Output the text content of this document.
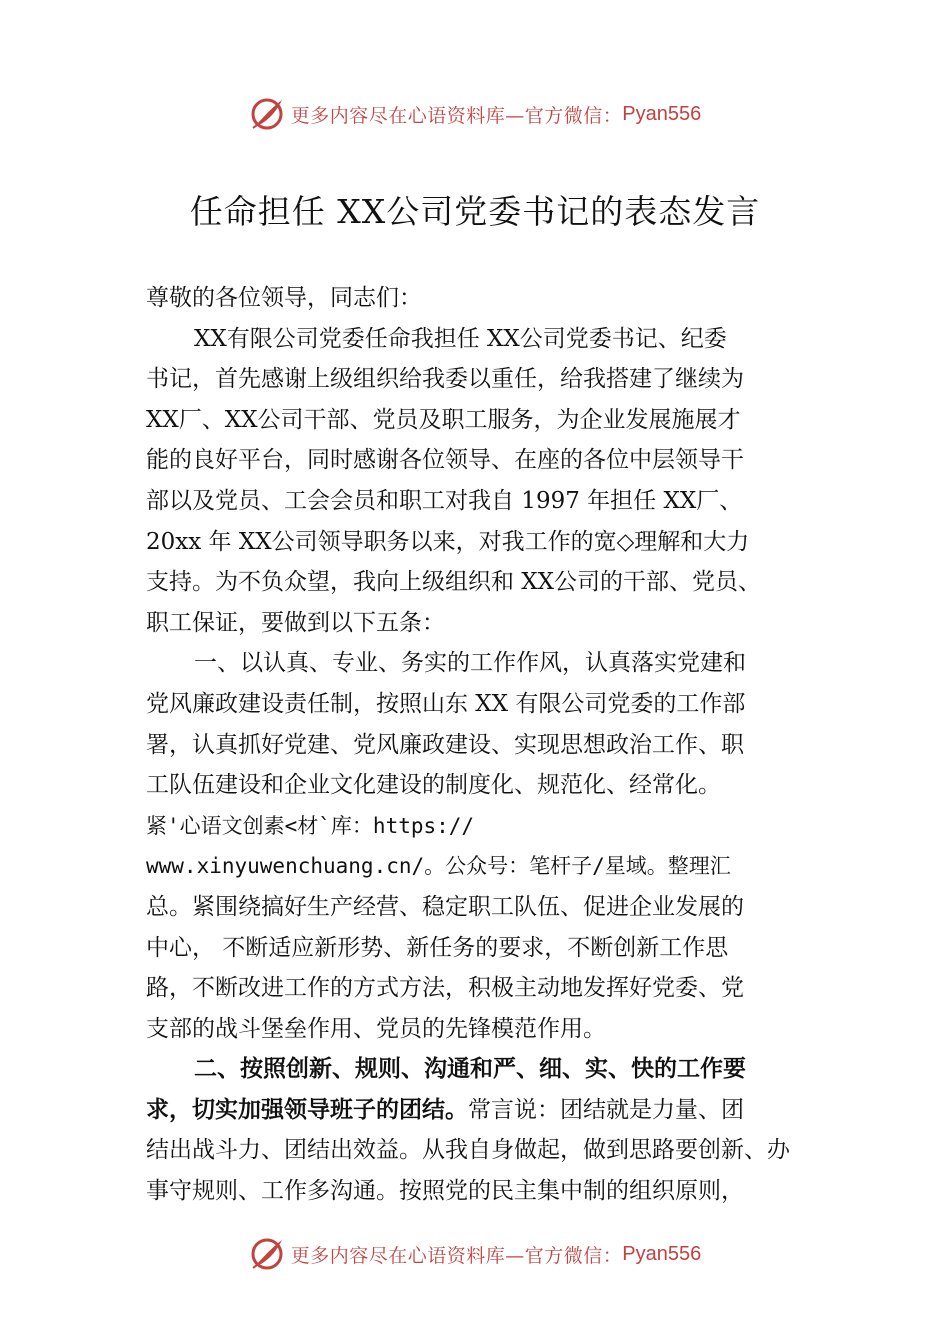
更多内容尽在心语资料库—官方微信： Pyan556
任命担任 XX公司党委书记的表态发言
尊敬的各位领导，同志们：
XX有限公司党委任命我担任 XX公司党委书记、纪委
书记，首先感谢上级组织给我委以重任，给我搭建了继续为
XX厂、XX公司干部、党员及职工服务，为企业发展施展才
能的良好平台，同时感谢各位领导、在座的各位中层领导干
部以及党员、工会会员和职工对我自 1997 年担任 XX厂、
20xx 年 XX公司领导职务以来，对我工作的宽◇理解和大力
支持。为不负众望，我向上级组织和 XX公司的干部、党员、
职工保证，要做到以下五条：
一、以认真、专业、务实的工作作风，认真落实党建和
党风廉政建设责任制，按照山东 XX 有限公司党委的工作部
署，认真抓好党建、党风廉政建设、实现思想政治工作、职
工队伍建设和企业文化建设的制度化、规范化、经常化。
紧'心语文创素<材`库：https://
www.xinyuwenchuang.cn/。公众号：笔杆子/星域。整理汇
总。紧围绕搞好生产经营、稳定职工队伍、促进企业发展的
中心， 不断适应新形势、新任务的要求，不断创新工作思
路，不断改进工作的方式方法，积极主动地发挥好党委、党
支部的战斗堡垒作用、党员的先锋模范作用。
二、按照创新、规则、沟通和严、细、实、快的工作要
求，切实加强领导班子的团结。常言说：团结就是力量、团
结出战斗力、团结出效益。从我自身做起，做到思路要创新、办
事守规则、工作多沟通。按照党的民主集中制的组织原则，
更多内容尽在心语资料库—官方微信： Pyan556
